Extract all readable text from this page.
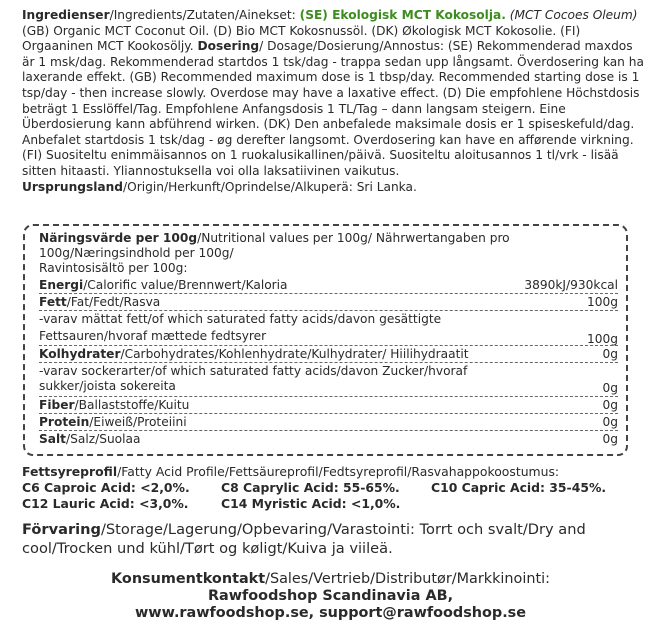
Ingredienser/Ingredients/Zutaten/Ainekset: (SE) Ekologisk MCT Kokosolja. (MCT Cocoes Oleum) (GB) Organic MCT Coconut Oil. (D) Bio MCT Kokosnussöl. (DK) Økologisk MCT Kokosolie. (FI) Orgaaninen MCT Kookosöljy. Dosering/ Dosage/Dosierung/Annostus: (SE) Rekommenderad maxdos är 1 msk/dag. Rekommenderad startdos 1 tsk/dag - trappa sedan upp långsamt. Överdosering kan ha laxerande effekt. (GB) Recommended maximum dose is 1 tbsp/day. Recommended starting dose is 1 tsp/day - then increase slowly. Overdose may have a laxative effect. (D) Die empfohlene Höchstdosis beträgt 1 Esslöffel/Tag. Empfohlene Anfangsdosis 1 TL/Tag – dann langsam steigern. Eine Überdosierung kann abführend wirken. (DK) Den anbefalede maksimale dosis er 1 spiseskefuld/dag. Anbefalet startdosis 1 tsk/dag - øg derefter langsomt. Overdosering kan have en afførende virkning. (FI) Suositeltu enimmäisannos on 1 ruokalusikallinen/päivä. Suositeltu aloitusannos 1 tl/vrk - lisää sitten hitaasti. Yliannostuksella voi olla laksatiivinen vaikutus.
Ursprungsland/Origin/Herkunft/Oprindelse/Alkuperä: Sri Lanka.
Näringsvärde per 100g/Nutritional values per 100g/ Nährwertangaben pro 100g/Næringsindhold per 100g/
Ravintosisältö per 100g:
Energi/Calorific value/Brennwert/Kaloria	3890kJ/930kcal
Fett/Fat/Fedt/Rasva	100g
-varav mättat fett/of which saturated fatty acids/davon gesättigte
Fettsauren/hvoraf mættede fedtsyrer	100g
Kolhydrater/Carbohydrates/Kohlenhydrate/Kulhydrater/ Hiilihydraatit	0g
-varav sockerarter/of which saturated fatty acids/davon Zucker/hvoraf sukker/joista sokereita	0g
Fiber/Ballaststoffe/Kuitu	0g
Protein/Eiweiß/Proteiini	0g
Salt/Salz/Suolaa	0g
Fettsyreprofil/Fatty Acid Profile/Fettsäureprofil/Fedtsyreprofil/Rasvahappokoostumus:
C6 Caproic Acid: <2,0%.	C8 Caprylic Acid: 55-65%.	C10 Capric Acid: 35-45%.
C12 Lauric Acid: <3,0%.	C14 Myristic Acid: <1,0%.
Förvaring/Storage/Lagerung/Opbevaring/Varastointi: Torrt och svalt/Dry and cool/Trocken und kühl/Tørt og køligt/Kuiva ja viileä.
Konsumentkontakt/Sales/Vertrieb/Distributør/Markkinointi:
Rawfoodshop Scandinavia AB,
www.rawfoodshop.se, support@rawfoodshop.se
